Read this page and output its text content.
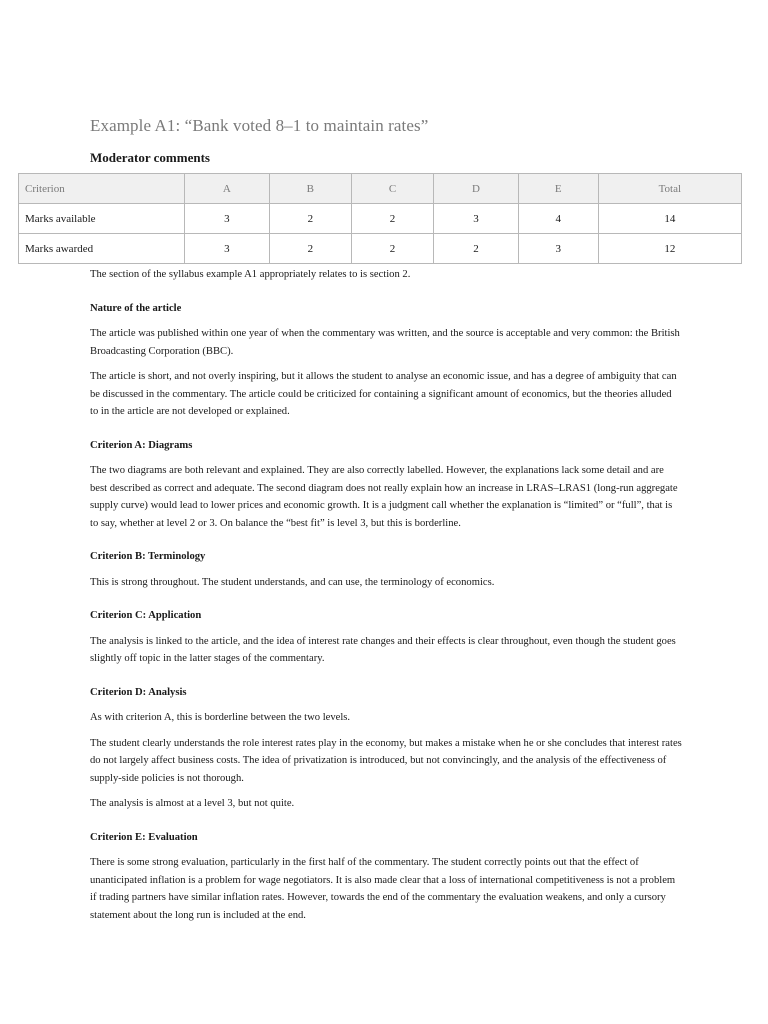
Example A1: “Bank voted 8–1 to maintain rates”
Moderator comments
Criterion	A	B	C	D	E	Total
Marks available	3	2	2	3	4	14
Marks awarded	3	2	2	2	3	12

The section of the syllabus example A1 appropriately relates to is section 2.

Nature of the article

The article was published within one year of when the commentary was written, and the source is acceptable and very common: the British Broadcasting Corporation (BBC).

The article is short, and not overly inspiring, but it allows the student to analyse an economic issue, and has a degree of ambiguity that can be discussed in the commentary. The article could be criticized for containing a significant amount of economics, but the theories alluded to in the article are not developed or explained.

Criterion A: Diagrams

The two diagrams are both relevant and explained. They are also correctly labelled. However, the explanations lack some detail and are best described as correct and adequate. The second diagram does not really explain how an increase in LRAS–LRAS1 (long-run aggregate supply curve) would lead to lower prices and economic growth. It is a judgment call whether the explanation is “limited” or “full”, that is to say, whether at level 2 or 3. On balance the “best fit” is level 3, but this is borderline.

Criterion B: Terminology

This is strong throughout. The student understands, and can use, the terminology of economics.

Criterion C: Application

The analysis is linked to the article, and the idea of interest rate changes and their effects is clear throughout, even though the student goes slightly off topic in the latter stages of the commentary.

Criterion D: Analysis

As with criterion A, this is borderline between the two levels.

The student clearly understands the role interest rates play in the economy, but makes a mistake when he or she concludes that interest rates do not largely affect business costs. The idea of privatization is introduced, but not convincingly, and the analysis of the effectiveness of supply-side policies is not thorough.

The analysis is almost at a level 3, but not quite.

Criterion E: Evaluation

There is some strong evaluation, particularly in the first half of the commentary. The student correctly points out that the effect of unanticipated inflation is a problem for wage negotiators. It is also made clear that a loss of international competitiveness is not a problem if trading partners have similar inflation rates. However, towards the end of the commentary the evaluation weakens, and only a cursory statement about the long run is included at the end.
